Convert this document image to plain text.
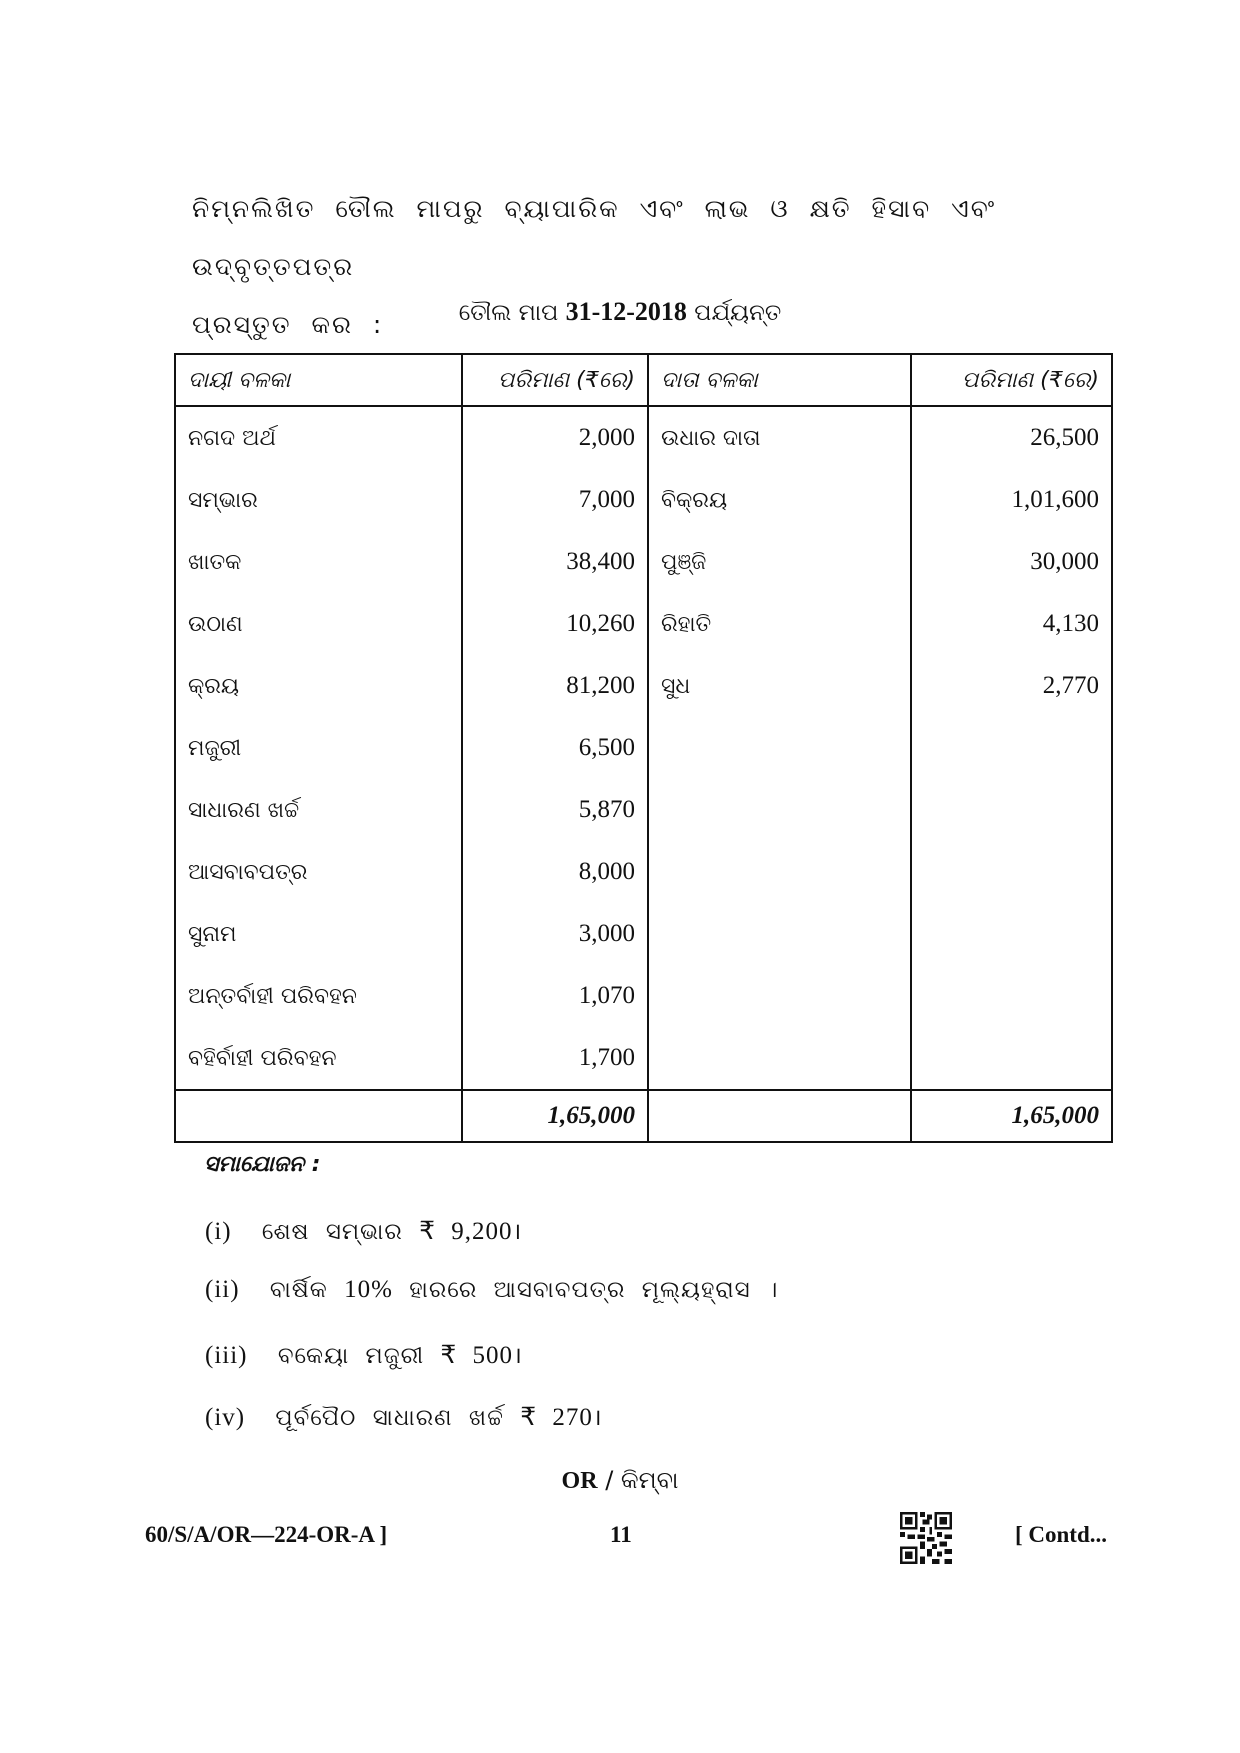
ନିମ୍ନଲିଖିତ ତୌଲ ମାପରୁ ବ୍ୟାପାରିକ ଏବଂ ଲାଭ ଓ କ୍ଷତି ହିସାବ ଏବଂ ଉଦ୍‌ବୃତ୍ତପତ୍ର
ପ୍ରସ୍ତୁତ କର :	ତୌଲ ମାପ 31-12-2018 ପର୍ଯ୍ୟନ୍ତ
ଦାୟୀ ବଳକା	ପରିମାଣ (₹ରେ)	ଦାତା ବଳକା	ପରିମାଣ (₹ରେ)
ନଗଦ ଅର୍ଥ	2,000	ଉଧାର ଦାତା	26,500
ସମ୍ଭାର	7,000	ବିକ୍ରୟ	1,01,600
ଖାତକ	38,400	ପୁଞ୍ଜି	30,000
ଉଠାଣ	10,260	ରିହାତି	4,130
କ୍ରୟ	81,200	ସୁଧ	2,770
ମଜୁରୀ	6,500		
ସାଧାରଣ ଖର୍ଚ୍ଚ	5,870		
ଆସବାବପତ୍ର	8,000		
ସୁନାମ	3,000		
ଅନ୍ତର୍ବାହୀ ପରିବହନ	1,070		
ବହିର୍ବାହୀ ପରିବହନ	1,700		
	1,65,000		1,65,000
ସମାଯୋଜନ :
(i) ଶେଷ ସମ୍ଭାର ₹ 9,200।
(ii) ବାର୍ଷିକ 10% ହାରରେ ଆସବାବପତ୍ର ମୂଲ୍ୟହ୍ରାସ ।
(iii) ବକେୟା ମଜୁରୀ ₹ 500।
(iv) ପୂର୍ବପୈଠ ସାଧାରଣ ଖର୍ଚ୍ଚ ₹ 270।
OR / କିମ୍ବା
60/S/A/OR—224-OR-A ]	11	[ Contd...
